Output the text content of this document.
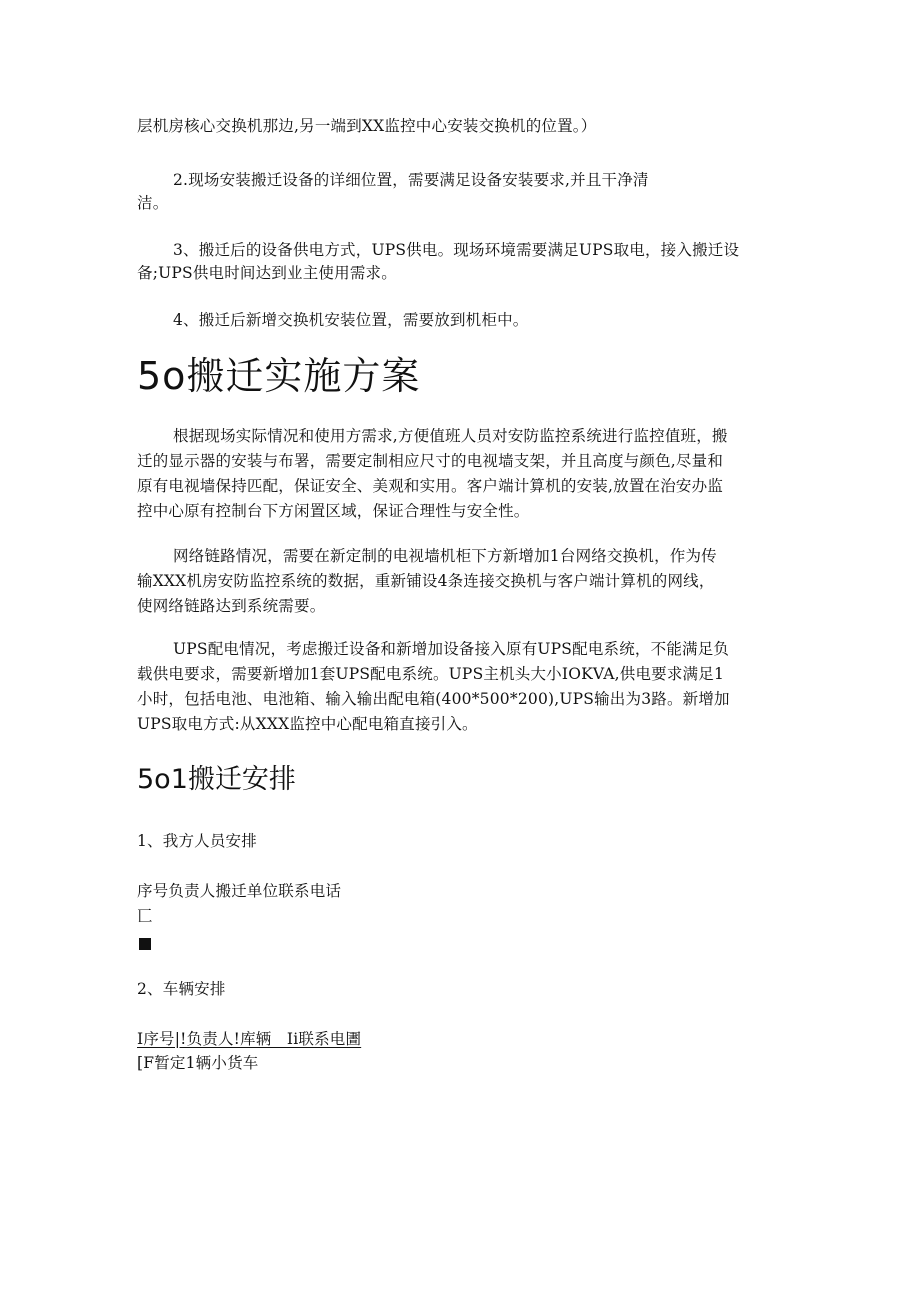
层机房核心交换机那边,另一端到XX监控中心安装交换机的位置。）

2.现场安装搬迁设备的详细位置，需要满足设备安装要求,并且干净清

洁。

3、搬迁后的设备供电方式，UPS供电。现场环境需要满足UPS取电，接入搬迁设

备;UPS供电时间达到业主使用需求。

4、搬迁后新增交换机安装位置，需要放到机柜中。

5o搬迁实施方案

根据现场实际情况和使用方需求,方便值班人员对安防监控系统进行监控值班，搬

迁的显示器的安装与布署，需要定制相应尺寸的电视墙支架，并且高度与颜色,尽量和

原有电视墙保持匹配，保证安全、美观和实用。客户端计算机的安装,放置在治安办监

控中心原有控制台下方闲置区域，保证合理性与安全性。

网络链路情况，需要在新定制的电视墙机柜下方新增加1台网络交换机，作为传

输XXX机房安防监控系统的数据，重新铺设4条连接交换机与客户端计算机的网线，

使网络链路达到系统需要。

UPS配电情况，考虑搬迁设备和新增加设备接入原有UPS配电系统，不能满足负

载供电要求，需要新增加1套UPS配电系统。UPS主机头大小IOKVA,供电要求满足1

小时，包括电池、电池箱、输入输出配电箱(400*500*200),UPS输出为3路。新增加

UPS取电方式:从XXX监控中心配电箱直接引入。

5o1搬迁安排

1、我方人员安排

序号负责人搬迁单位联系电话

匸

2、车辆安排

I序号|!负责人!库辆   Ii联系电圕

[F暂定1辆小货车
